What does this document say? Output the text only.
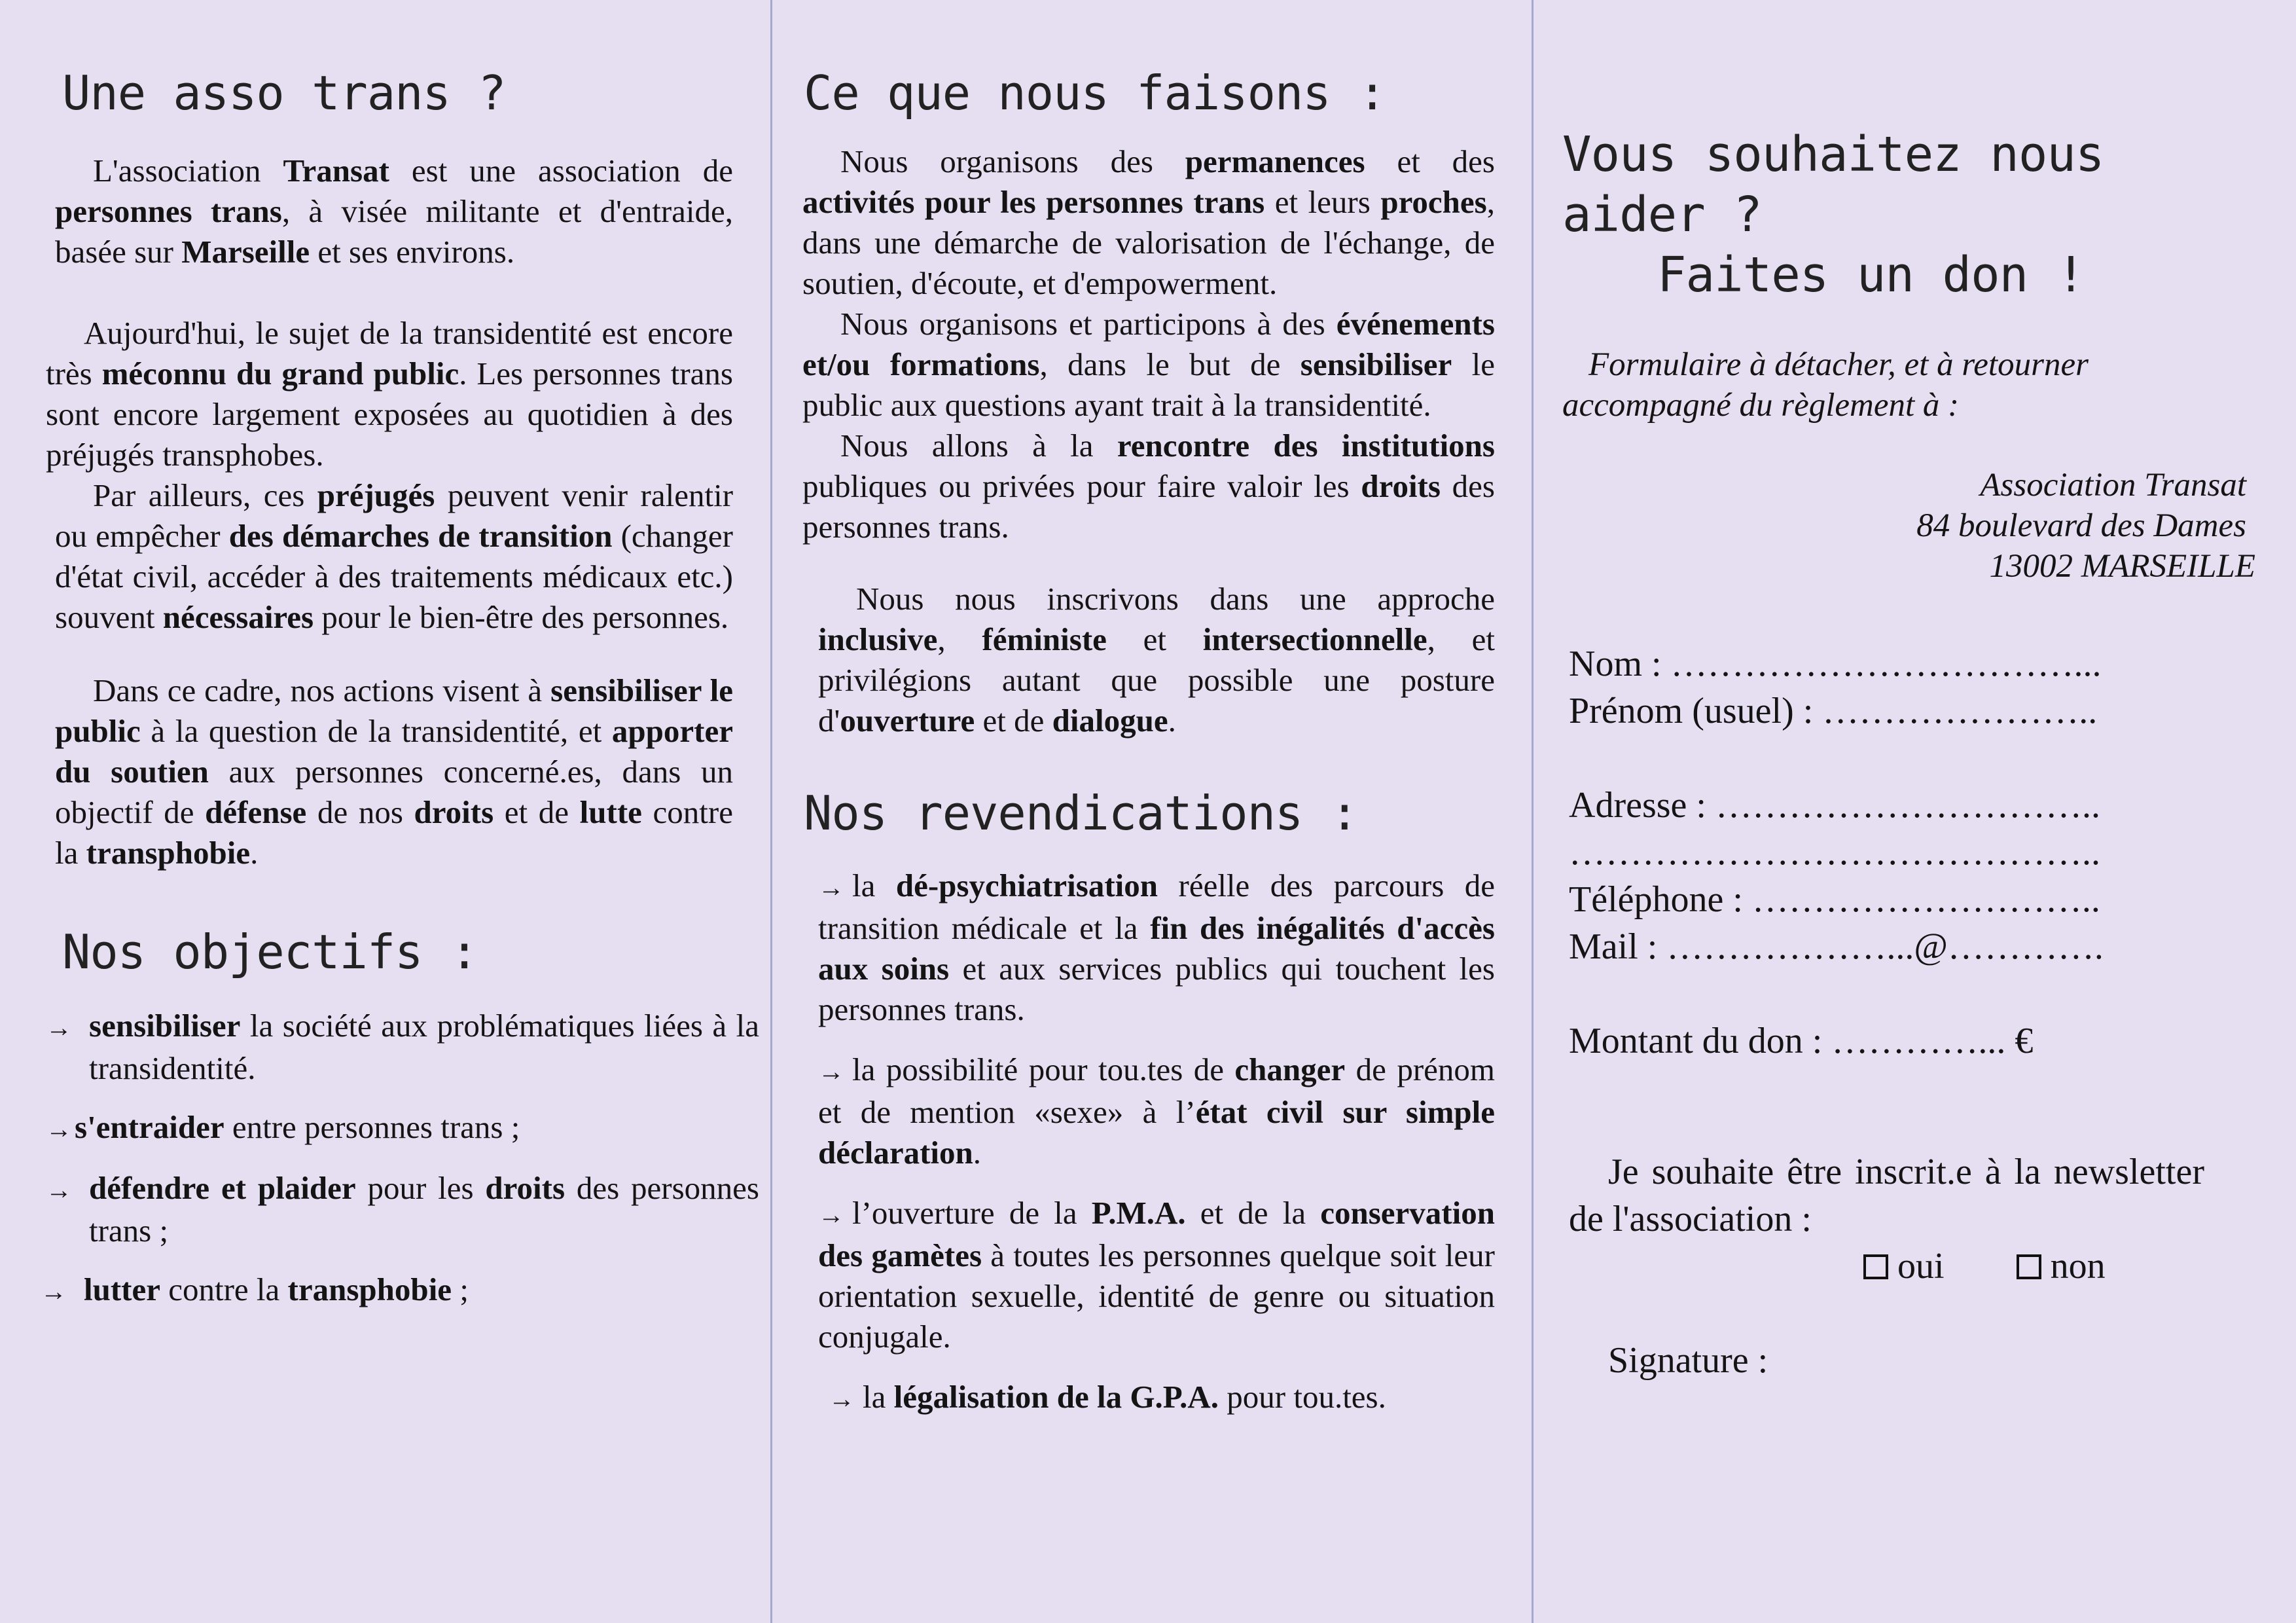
Une asso trans ?

L'association Transat est une association de personnes trans, à visée militante et d'entraide, basée sur Marseille et ses environs.

Aujourd'hui, le sujet de la transidentité est encore très méconnu du grand public. Les personnes trans sont encore largement exposées au quotidien à des préjugés transphobes.

Par ailleurs, ces préjugés peuvent venir ralentir ou empêcher des démarches de transition (changer d'état civil, accéder à des traitements médicaux etc.) souvent nécessaires pour le bien-être des personnes.

Dans ce cadre, nos actions visent à sensibiliser le public à la question de la transidentité, et apporter du soutien aux personnes concerné.es, dans un objectif de défense de nos droits et de lutte contre la transphobie.

Nos objectifs :

→ sensibiliser la société aux problématiques liées à la transidentité.

→s'entraider entre personnes trans ;

→ défendre et plaider pour les droits des personnes trans ;

→ lutter contre la transphobie ;

Ce que nous faisons :

Nous organisons des permanences et des activités pour les personnes trans et leurs proches, dans une démarche de valorisation de l'échange, de soutien, d'écoute, et d'empowerment.

Nous organisons et participons à des événements et/ou formations, dans le but de sensibiliser le public aux questions ayant trait à la transidentité.

Nous allons à la rencontre des institutions publiques ou privées pour faire valoir les droits des personnes trans.

Nous nous inscrivons dans une approche inclusive, féministe et intersectionnelle, et privilégions autant que possible une posture d'ouverture et de dialogue.

Nos revendications :

→ la dé-psychiatrisation réelle des parcours de transition médicale et la fin des inégalités d'accès aux soins et aux services publics qui touchent les personnes trans.

→ la possibilité pour tou.tes de changer de prénom et de mention «sexe» à l’état civil sur simple déclaration.

→ l’ouverture de la P.M.A. et de la conservation des gamètes à toutes les personnes quelque soit leur orientation sexuelle, identité de genre ou situation conjugale.

→ la légalisation de la G.P.A. pour tou.tes.

Vous souhaitez nous aider ?
Faites un don !

Formulaire à détacher, et à retourner accompagné du règlement à :

Association Transat

84 boulevard des Dames

13002 MARSEILLE

Nom : ……………………………...

Prénom (usuel) : …………………..

Adresse : …………………………..

……………………………………..

Téléphone : ………………………..

Mail : ………………...@………….

Montant du don : …………... €

Je souhaite être inscrit.e à la newsletter de l'association :

oui	non

Signature :
